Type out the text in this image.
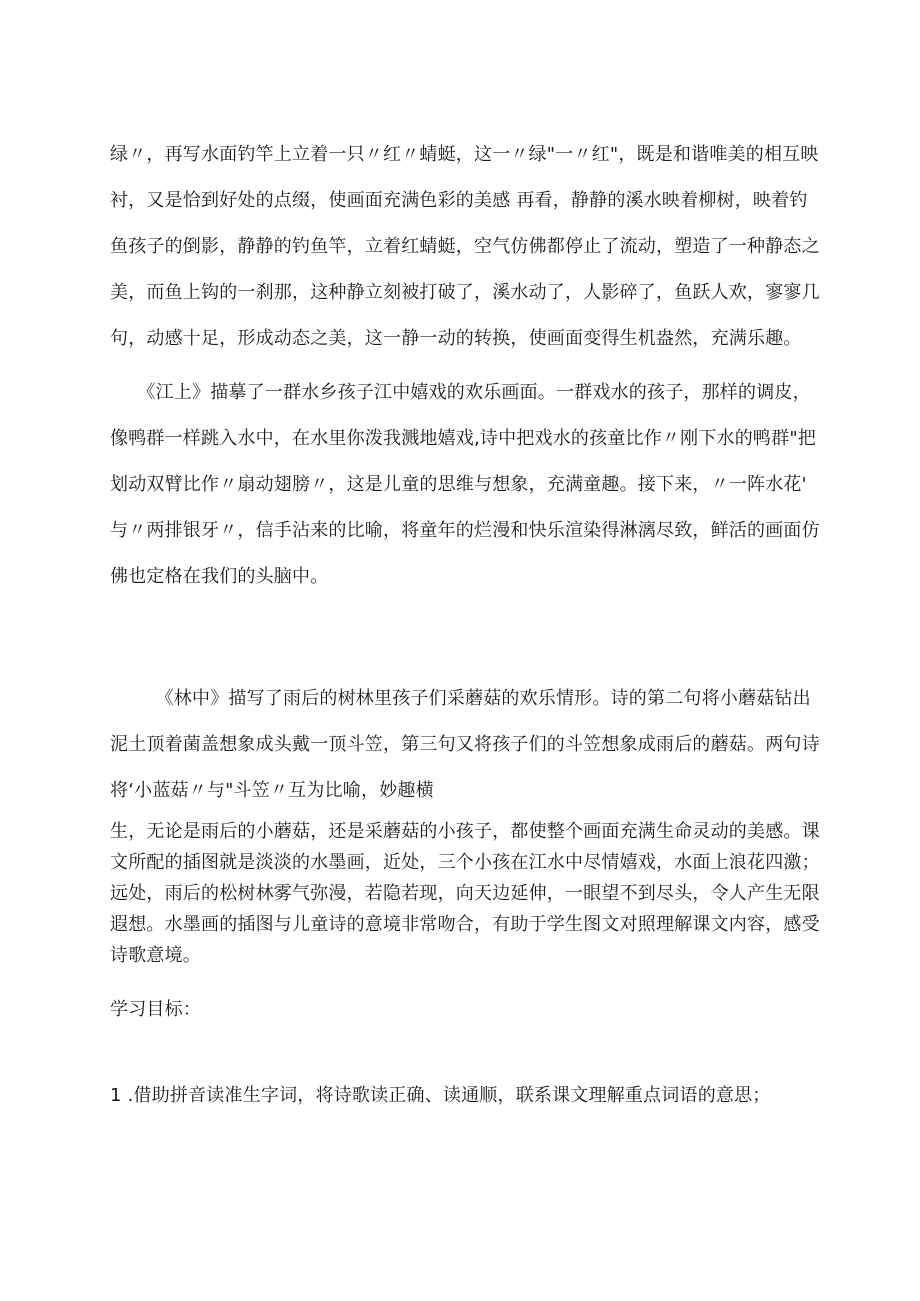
绿〃，再写水面钓竿上立着一只〃红〃蜻蜓，这一〃绿"一〃红"，既是和谐唯美的相互映
衬，又是恰到好处的点缀，使画面充满色彩的美感 再看，静静的溪水映着柳树，映着钓
鱼孩子的倒影，静静的钓鱼竿，立着红蜻蜓，空气仿佛都停止了流动，塑造了一种静态之
美，而鱼上钩的一刹那，这种静立刻被打破了，溪水动了，人影碎了，鱼跃人欢，寥寥几
句，动感十足，形成动态之美，这一静一动的转换，使画面变得生机盎然，充满乐趣。

　　《江上》描摹了一群水乡孩子江中嬉戏的欢乐画面。一群戏水的孩子，那样的调皮，
像鸭群一样跳入水中，在水里你泼我溅地嬉戏,诗中把戏水的孩童比作〃刚下水的鸭群"把
划动双臂比作〃扇动翅膀〃，这是儿童的思维与想象，充满童趣。接下来，〃一阵水花'
与〃两排银牙〃，信手沾来的比喻，将童年的烂漫和快乐渲染得淋漓尽致，鲜活的画面仿
佛也定格在我们的头脑中。

　　　《林中》描写了雨后的树林里孩子们采蘑菇的欢乐情形。诗的第二句将小蘑菇钻出
泥土顶着菌盖想象成头戴一顶斗笠，第三句又将孩子们的斗笠想象成雨后的蘑菇。两句诗
将‘小蓝菇〃与"斗笠〃互为比喻，妙趣横

生，无论是雨后的小蘑菇，还是采蘑菇的小孩子，都使整个画面充满生命灵动的美感。课
文所配的插图就是淡淡的水墨画，近处，三个小孩在江水中尽情嬉戏，水面上浪花四激；
远处，雨后的松树林雾气弥漫，若隐若现，向天边延伸，一眼望不到尽头，令人产生无限
遐想。水墨画的插图与儿童诗的意境非常吻合，有助于学生图文对照理解课文内容，感受
诗歌意境。

学习目标：

1 .借助拼音读准生字词，将诗歌读正确、读通顺，联系课文理解重点词语的意思；
